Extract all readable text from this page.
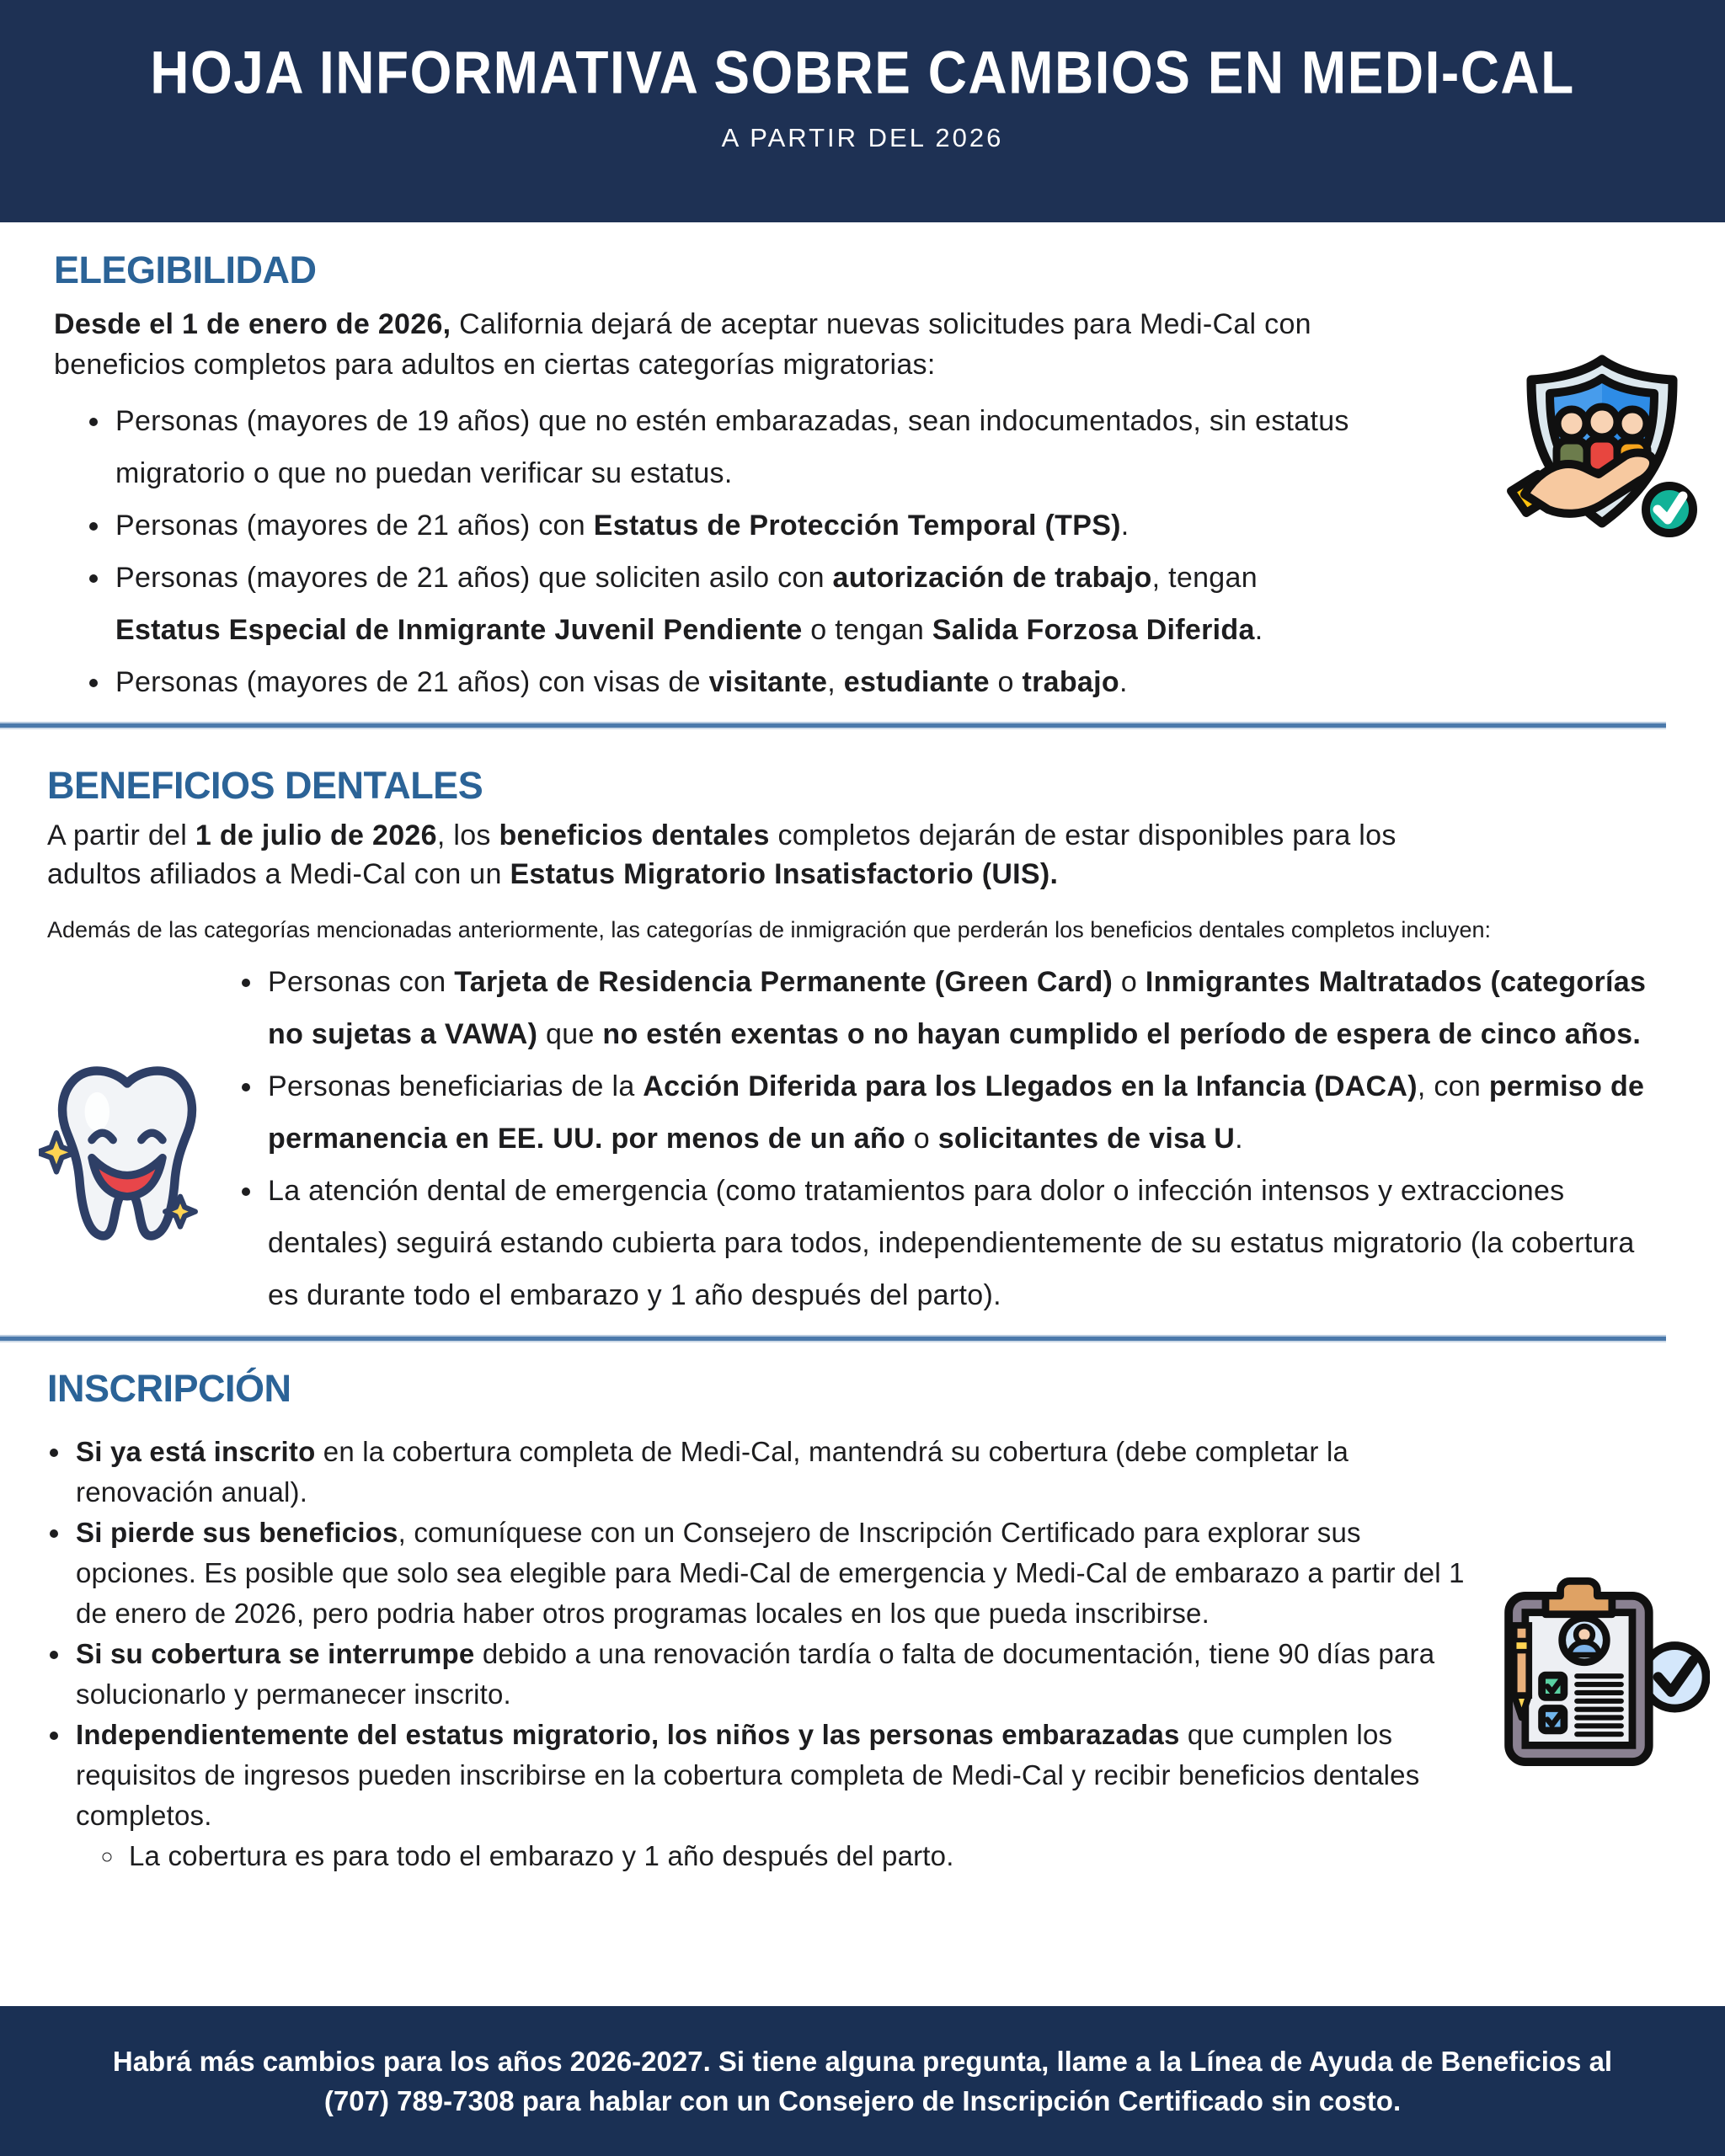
HOJA INFORMATIVA SOBRE CAMBIOS EN MEDI-CAL
A PARTIR DEL 2026
ELEGIBILIDAD

Desde el 1 de enero de 2026, California dejará de aceptar nuevas solicitudes para Medi-Cal con beneficios completos para adultos en ciertas categorías migratorias:

• Personas (mayores de 19 años) que no estén embarazadas, sean indocumentados, sin estatus migratorio o que no puedan verificar su estatus.
• Personas (mayores de 21 años) con Estatus de Protección Temporal (TPS).
• Personas (mayores de 21 años) que soliciten asilo con autorización de trabajo, tengan Estatus Especial de Inmigrante Juvenil Pendiente o tengan Salida Forzosa Diferida.
• Personas (mayores de 21 años) con visas de visitante, estudiante o trabajo.
BENEFICIOS DENTALES

A partir del 1 de julio de 2026, los beneficios dentales completos dejarán de estar disponibles para los adultos afiliados a Medi-Cal con un Estatus Migratorio Insatisfactorio (UIS).

Además de las categorías mencionadas anteriormente, las categorías de inmigración que perderán los beneficios dentales completos incluyen:

• Personas con Tarjeta de Residencia Permanente (Green Card) o Inmigrantes Maltratados (categorías no sujetas a VAWA) que no estén exentas o no hayan cumplido el período de espera de cinco años.
• Personas beneficiarias de la Acción Diferida para los Llegados en la Infancia (DACA), con permiso de permanencia en EE. UU. por menos de un año o solicitantes de visa U.
• La atención dental de emergencia (como tratamientos para dolor o infección intensos y extracciones dentales) seguirá estando cubierta para todos, independientemente de su estatus migratorio (la cobertura es durante todo el embarazo y 1 año después del parto).
INSCRIPCIÓN
• Si ya está inscrito en la cobertura completa de Medi-Cal, mantendrá su cobertura (debe completar la renovación anual).
• Si pierde sus beneficios, comuníquese con un Consejero de Inscripción Certificado para explorar sus opciones. Es posible que solo sea elegible para Medi-Cal de emergencia y Medi-Cal de embarazo a partir del 1 de enero de 2026, pero podria haber otros programas locales en los que pueda inscribirse.
• Si su cobertura se interrumpe debido a una renovación tardía o falta de documentación, tiene 90 días para solucionarlo y permanecer inscrito.
• Independientemente del estatus migratorio, los niños y las personas embarazadas que cumplen los requisitos de ingresos pueden inscribirse en la cobertura completa de Medi-Cal y recibir beneficios dentales completos.
◦ La cobertura es para todo el embarazo y 1 año después del parto.

Habrá más cambios para los años 2026-2027. Si tiene alguna pregunta, llame a la Línea de Ayuda de Beneficios al (707) 789-7308 para hablar con un Consejero de Inscripción Certificado sin costo.
